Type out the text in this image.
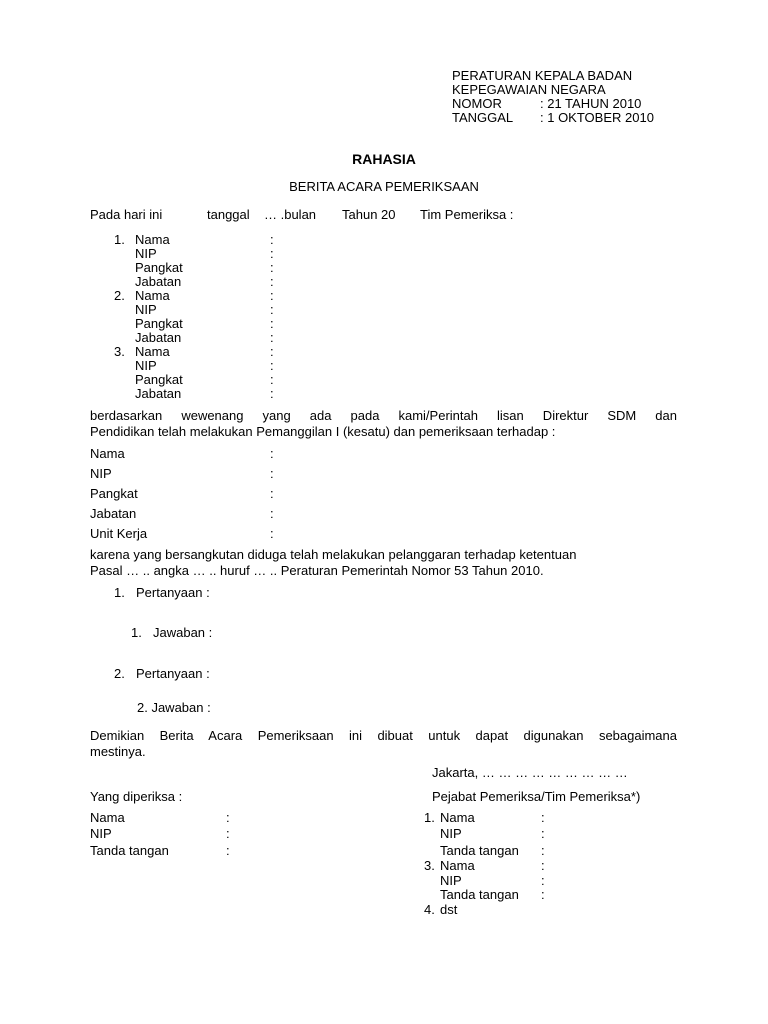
PERATURAN KEPALA BADAN
KEPEGAWAIAN NEGARA
NOMOR	: 21 TAHUN 2010
TANGGAL : 1 OKTOBER 2010
RAHASIA
BERITA ACARA PEMERIKSAAN
Pada hari ini	tanggal … .bulan Tahun 20 Tim Pemeriksa :
1. Nama	:
NIP	:
Pangkat	:
Jabatan	:
2. Nama	:
NIP	:
Pangkat	:
Jabatan	:
3. Nama	:
NIP	:
Pangkat	:
Jabatan	:
berdasarkan wewenang yang ada pada kami/Perintah lisan Direktur SDM dan
Pendidikan telah melakukan Pemanggilan I (kesatu) dan pemeriksaan terhadap :
Nama	:
NIP	:
Pangkat	:
Jabatan	:
Unit Kerja	:
karena yang bersangkutan diduga telah melakukan pelanggaran terhadap ketentuan
Pasal … .. angka … .. huruf … .. Peraturan Pemerintah Nomor 53 Tahun 2010.
1. Pertanyaan :
1. Jawaban :
2. Pertanyaan :
2. Jawaban :
Demikian Berita Acara Pemeriksaan ini dibuat untuk dapat digunakan sebagaimana
mestinya.
Jakarta, … … … … … … … … …
Yang diperiksa :
Nama	:
NIP	:
Tanda tangan	:
Pejabat Pemeriksa/Tim Pemeriksa*)
1. Nama	:
NIP	:
Tanda tangan :
3. Nama	:
NIP	:
Tanda tangan :
4. dst
